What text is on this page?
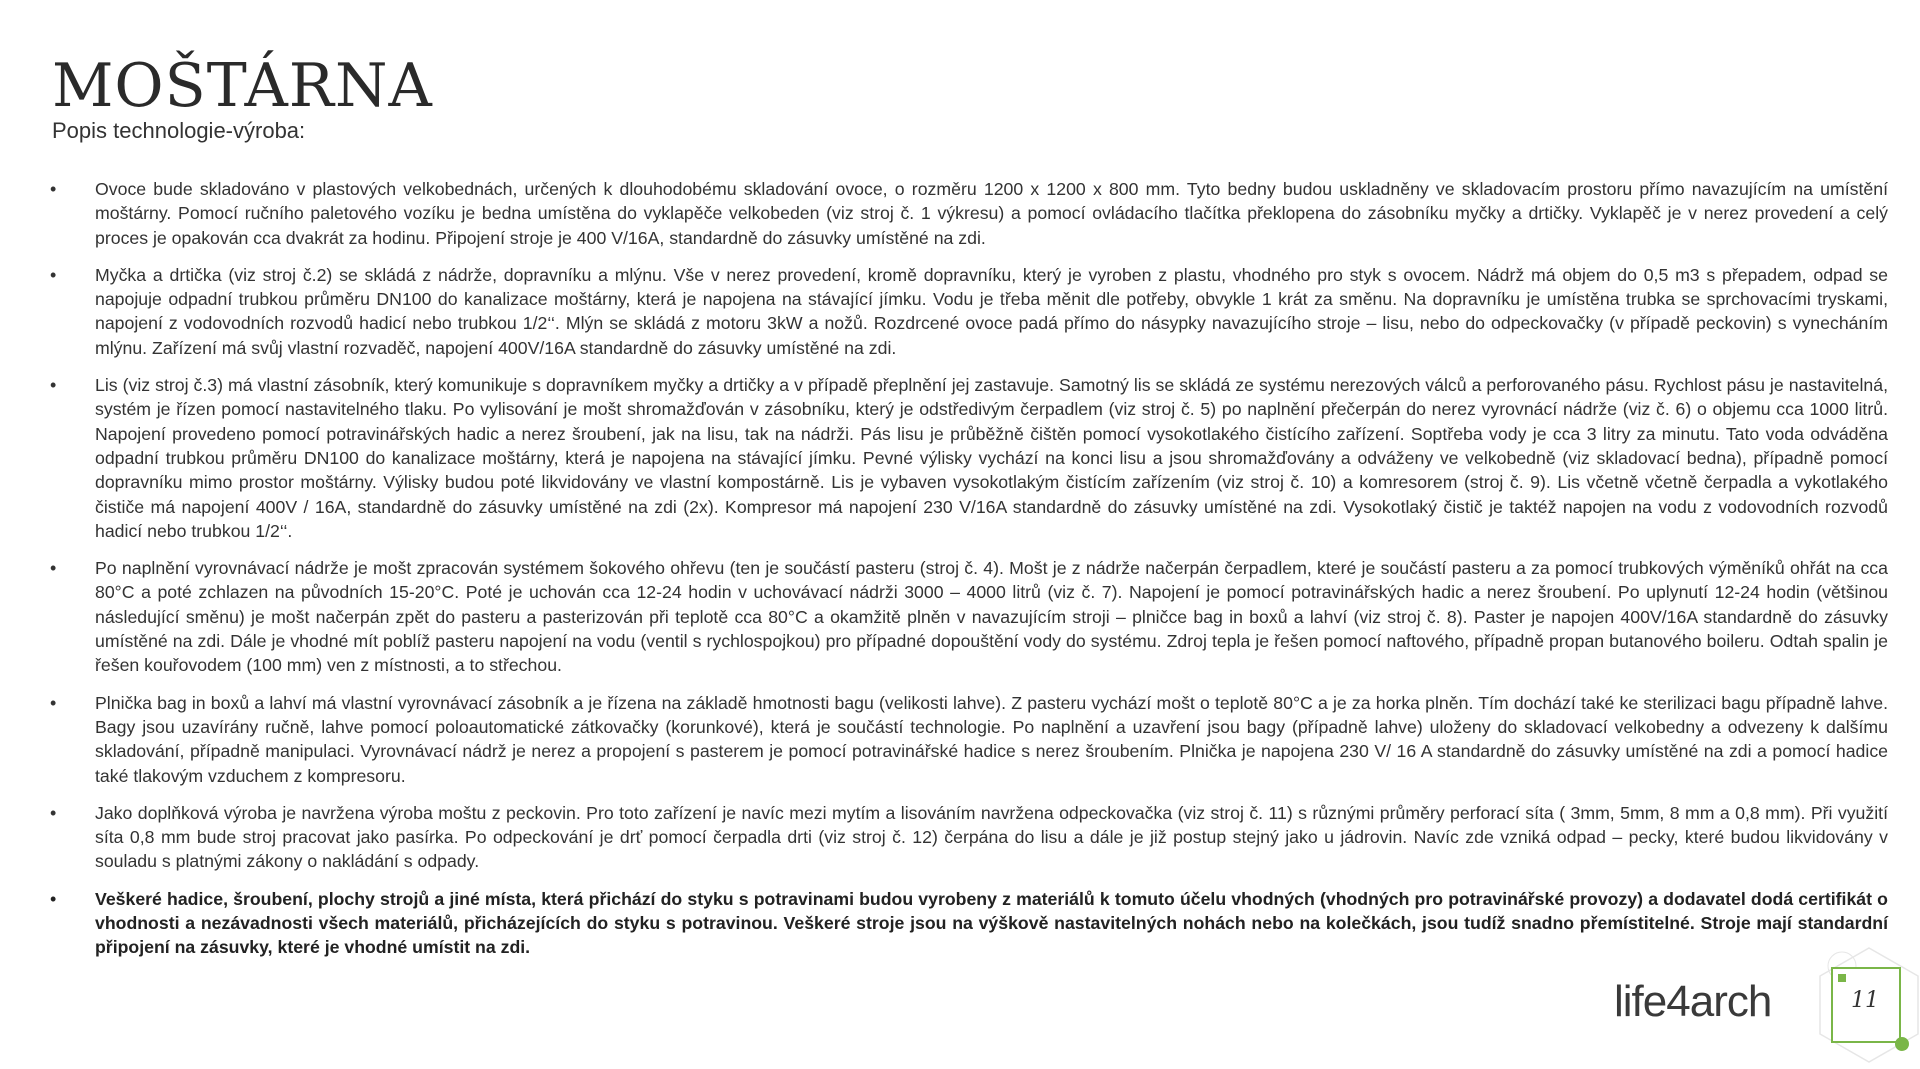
MOŠTÁRNA
Popis technologie-výroba:
•	Ovoce bude skladováno v plastových velkobednách, určených k dlouhodobému skladování ovoce, o rozměru 1200 x 1200 x 800 mm. Tyto bedny budou uskladněny ve skladovacím prostoru přímo navazujícím na umístění moštárny. Pomocí ručního paletového vozíku je bedna umístěna do vyklapěče velkobeden (viz stroj č. 1 výkresu) a pomocí ovládacího tlačítka překlopena do zásobníku myčky a drtičky. Vyklapěč je v nerez provedení a celý proces je opakován cca dvakrát za hodinu. Připojení stroje je 400 V/16A, standardně do zásuvky umístěné na zdi.
•	Myčka a drtička (viz stroj č.2) se skládá z nádrže, dopravníku a mlýnu. Vše v nerez provedení, kromě dopravníku, který je vyroben z plastu, vhodného pro styk s ovocem. Nádrž má objem do 0,5 m3 s přepadem, odpad se napojuje odpadní trubkou průměru DN100 do kanalizace moštárny, která je napojena na stávající jímku. Vodu je třeba měnit dle potřeby, obvykle 1 krát za směnu. Na dopravníku je umístěna trubka se sprchovacími tryskami, napojení z vodovodních rozvodů hadicí nebo trubkou 1/2‘‘. Mlýn se skládá z motoru 3kW a nožů. Rozdrcené ovoce padá přímo do násypky navazujícího stroje – lisu, nebo do odpeckovačky (v případě peckovin) s vynecháním mlýnu. Zařízení má svůj vlastní rozvaděč, napojení 400V/16A standardně do zásuvky umístěné na zdi.
•	Lis (viz stroj č.3) má vlastní zásobník, který komunikuje s dopravníkem myčky a drtičky a v případě přeplnění jej zastavuje. Samotný lis se skládá ze systému nerezových válců a perforovaného pásu. Rychlost pásu je nastavitelná, systém je řízen pomocí nastavitelného tlaku. Po vylisování je mošt shromažďován v zásobníku, který je odstředivým čerpadlem (viz stroj č. 5) po naplnění přečerpán do nerez vyrovnácí nádrže (viz č. 6) o objemu cca 1000 litrů. Napojení provedeno pomocí potravinářských hadic a nerez šroubení, jak na lisu, tak na nádrži. Pás lisu je průběžně čištěn pomocí vysokotlakého čistícího zařízení. Soptřeba vody je cca 3 litry za minutu. Tato voda odváděna odpadní trubkou průměru DN100 do kanalizace moštárny, která je napojena na stávající jímku. Pevné výlisky vychází na konci lisu a jsou shromažďovány a odváženy ve velkobedně (viz skladovací bedna), případně pomocí dopravníku mimo prostor moštárny. Výlisky budou poté likvidovány ve vlastní kompostárně. Lis je vybaven vysokotlakým čistícím zařízením (viz stroj č. 10) a komresorem (stroj č. 9). Lis včetně včetně čerpadla a vykotlakého čističe má napojení 400V / 16A, standardně do zásuvky umístěné na zdi (2x). Kompresor má napojení 230 V/16A standardně do zásuvky umístěné na zdi. Vysokotlaký čistič je taktéž napojen na vodu z vodovodních rozvodů hadicí nebo trubkou 1/2‘‘.
•	Po naplnění vyrovnávací nádrže je mošt zpracován systémem šokového ohřevu (ten je součástí pasteru (stroj č. 4). Mošt je z nádrže načerpán čerpadlem, které je součástí pasteru a za pomocí trubkových výměníků ohřát na cca 80°C a poté zchlazen na původních 15-20°C. Poté je uchován cca 12-24 hodin v uchovávací nádrži 3000 – 4000 litrů (viz č. 7). Napojení je pomocí potravinářských hadic a nerez šroubení. Po uplynutí 12-24 hodin (většinou následující směnu) je mošt načerpán zpět do pasteru a pasterizován při teplotě cca 80°C a okamžitě plněn v navazujícím stroji – plničce bag in boxů a lahví (viz stroj č. 8). Paster je napojen 400V/16A standardně do zásuvky umístěné na zdi. Dále je vhodné mít poblíž pasteru napojení na vodu (ventil s rychlospojkou) pro případné dopouštění vody do systému. Zdroj tepla je řešen pomocí naftového, případně propan butanového boileru. Odtah spalin je řešen kouřovodem (100 mm) ven z místnosti, a to střechou.
•	Plnička bag in boxů a lahví má vlastní vyrovnávací zásobník a je řízena na základě hmotnosti bagu (velikosti lahve). Z pasteru vychází mošt o teplotě 80°C a je za horka plněn. Tím dochází také ke sterilizaci bagu případně lahve. Bagy jsou uzavírány ručně, lahve pomocí poloautomatické zátkovačky (korunkové), která je součástí technologie. Po naplnění a uzavření jsou bagy (případně lahve) uloženy do skladovací velkobedny a odvezeny k dalšímu skladování, případně manipulaci. Vyrovnávací nádrž je nerez a propojení s pasterem je pomocí potravinářské hadice s nerez šroubením. Plnička je napojena 230 V/ 16 A standardně do zásuvky umístěné na zdi a pomocí hadice také tlakovým vzduchem z kompresoru.
•	Jako doplňková výroba je navržena výroba moštu z peckovin. Pro toto zařízení je navíc mezi mytím a lisováním navržena odpeckovačka (viz stroj č. 11) s různými průměry perforací síta ( 3mm, 5mm, 8 mm a 0,8 mm). Při využití síta 0,8 mm bude stroj pracovat jako pasírka. Po odpeckování je drť pomocí čerpadla drti (viz stroj č. 12) čerpána do lisu a dále je již postup stejný jako u jádrovin. Navíc zde vzniká odpad – pecky, které budou likvidovány v souladu s platnými zákony o nakládání s odpady.
•	Veškeré hadice, šroubení, plochy strojů a jiné místa, která přichází do styku s potravinami budou vyrobeny z materiálů k tomuto účelu vhodných (vhodných pro potravinářské provozy) a dodavatel dodá certifikát o vhodnosti a nezávadnosti všech materiálů, přicházejících do styku s potravinou. Veškeré stroje jsou na výškově nastavitelných nohách nebo na kolečkách, jsou tudíž snadno přemístitelné. Stroje mají standardní připojení na zásuvky, které je vhodné umístit na zdi.
life4arch	11
